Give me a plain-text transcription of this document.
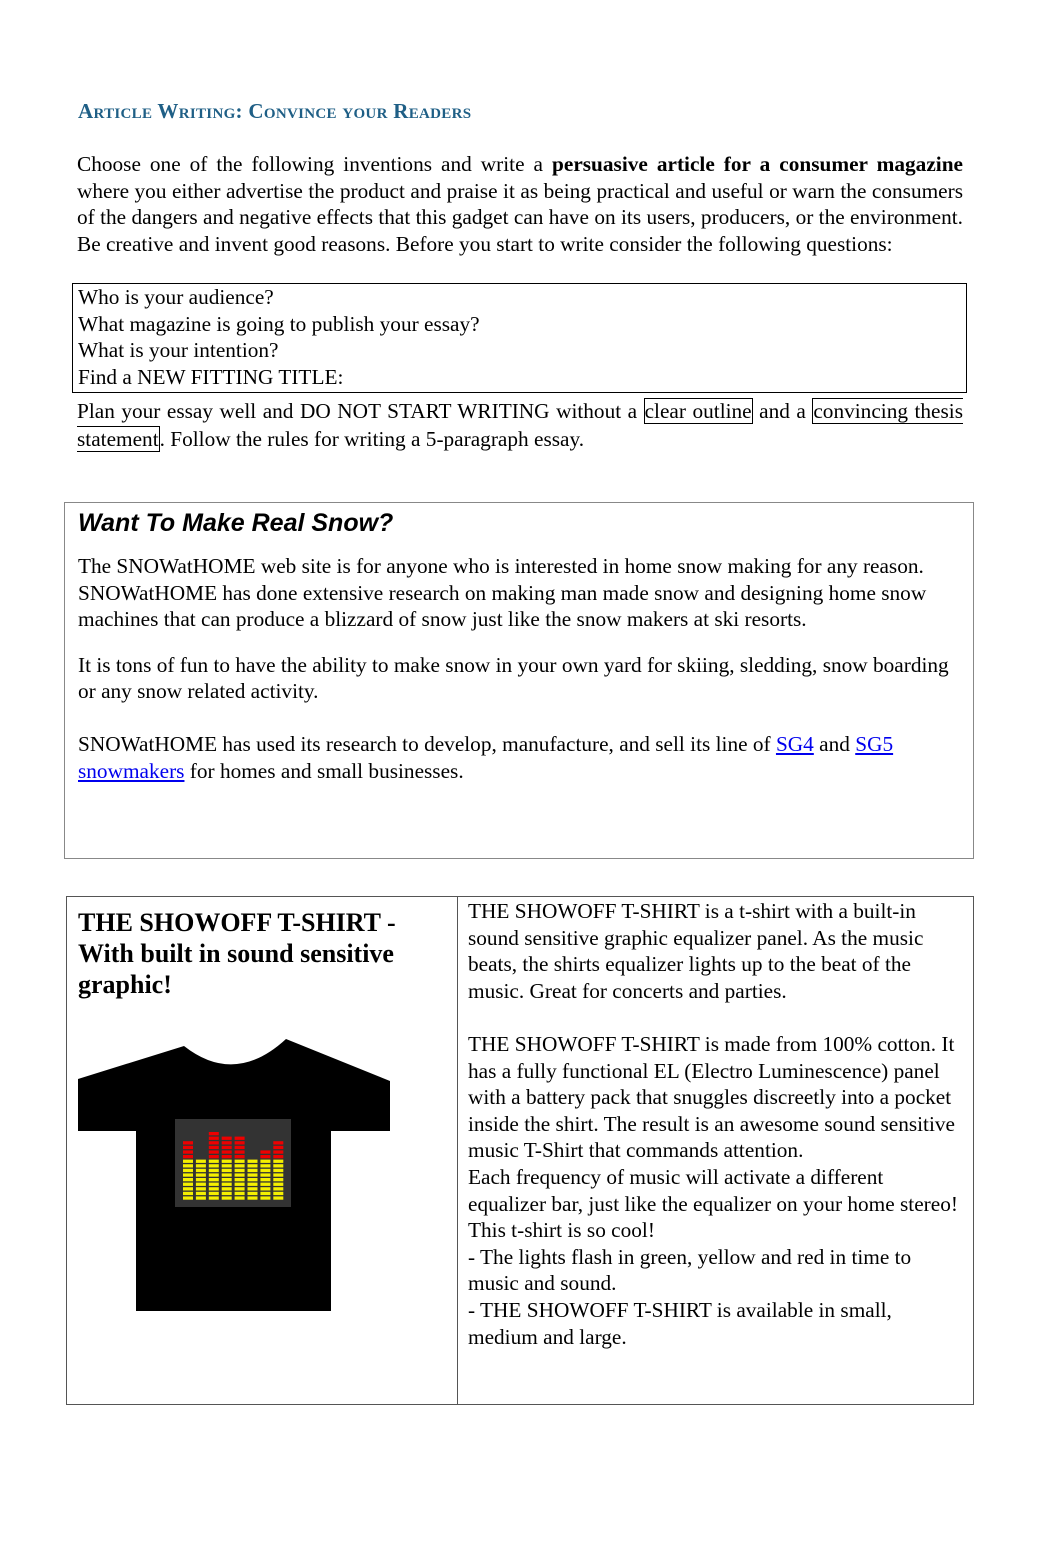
Article Writing: Convince your Readers
Choose one of the following inventions and write a persuasive article for a consumer magazine where you either advertise the product and praise it as being practical and useful or warn the consumers of the dangers and negative effects that this gadget can have on its users, producers, or the environment. Be creative and invent good reasons. Before you start to write consider the following questions:
Who is your audience?
What magazine is going to publish your essay?
What is your intention?
Find a NEW FITTING TITLE:
Plan your essay well and DO NOT START WRITING without a clear outline and a convincing thesis statement. Follow the rules for writing a 5-paragraph essay.
Want To Make Real Snow?

The SNOWatHOME web site is for anyone who is interested in home snow making for any reason. SNOWatHOME has done extensive research on making man made snow and designing home snow machines that can produce a blizzard of snow just like the snow makers at ski resorts.

It is tons of fun to have the ability to make snow in your own yard for skiing, sledding, snow boarding or any snow related activity.

SNOWatHOME has used its research to develop, manufacture, and sell its line of SG4 and SG5 snowmakers for homes and small businesses.

THE SHOWOFF T-SHIRT - With built in sound sensitive graphic!

THE SHOWOFF T-SHIRT is a t-shirt with a built-in sound sensitive graphic equalizer panel. As the music beats, the shirts equalizer lights up to the beat of the music. Great for concerts and parties.

THE SHOWOFF T-SHIRT is made from 100% cotton. It has a fully functional EL (Electro Luminescence) panel with a battery pack that snuggles discreetly into a pocket inside the shirt. The result is an awesome sound sensitive music T-Shirt that commands attention.

Each frequency of music will activate a different equalizer bar, just like the equalizer on your home stereo!

This t-shirt is so cool!

- The lights flash in green, yellow and red in time to music and sound.

- THE SHOWOFF T-SHIRT is available in small, medium and large.
